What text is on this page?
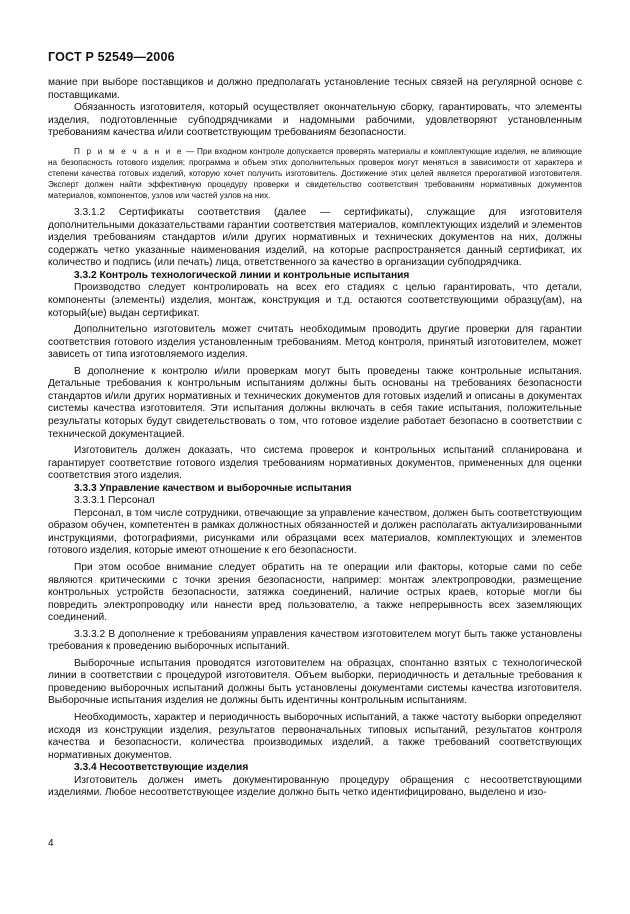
ГОСТ Р 52549—2006

мание при выборе поставщиков и должно предполагать установление тесных связей на регулярной основе с поставщиками.

Обязанность изготовителя, который осуществляет окончательную сборку, гарантировать, что элементы изделия, подготовленные субподрядчиками и надомными рабочими, удовлетворяют установленным требованиям качества и/или соответствующим требованиям безопасности.

П р и м е ч а н и е — При входном контроле допускается проверять материалы и комплектующие изделия, не влияющие на безопасность готового изделия; программа и объем этих дополнительных проверок могут меняться в зависимости от характера и степени качества готовых изделий, которую хочет получить изготовитель. Достижение этих целей является прерогативой изготовителя. Эксперт должен найти эффективную процедуру проверки и свидетельство соответствия требованиям нормативных документов материалов, компонентов, узлов или частей узлов на них.

3.3.1.2 Сертификаты соответствия (далее — сертификаты), служащие для изготовителя дополнительными доказательствами гарантии соответствия материалов, комплектующих изделий и элементов изделия требованиям стандартов и/или других нормативных и технических документов на них, должны содержать четко указанные наименования изделий, на которые распространяется данный сертификат, их количество и подпись (или печать) лица, ответственного за качество в организации субподрядчика.

3.3.2 Контроль технологической линии и контрольные испытания

Производство следует контролировать на всех его стадиях с целью гарантировать, что детали, компоненты (элементы) изделия, монтаж, конструкция и т.д. остаются соответствующими образцу(ам), на который(ые) выдан сертификат.

Дополнительно изготовитель может считать необходимым проводить другие проверки для гарантии соответствия готового изделия установленным требованиям. Метод контроля, принятый изготовителем, может зависеть от типа изготовляемого изделия.

В дополнение к контролю и/или проверкам могут быть проведены также контрольные испытания. Детальные требования к контрольным испытаниям должны быть основаны на требованиях безопасности стандартов и/или других нормативных и технических документов для готовых изделий и описаны в документах системы качества изготовителя. Эти испытания должны включать в себя такие испытания, положительные результаты которых будут свидетельствовать о том, что готовое изделие работает безопасно в соответствии с технической документацией.

Изготовитель должен доказать, что система проверок и контрольных испытаний спланирована и гарантирует соответствие готового изделия требованиям нормативных документов, примененных для оценки соответствия этого изделия.

3.3.3 Управление качеством и выборочные испытания

3.3.3.1 Персонал

Персонал, в том числе сотрудники, отвечающие за управление качеством, должен быть соответствующим образом обучен, компетентен в рамках должностных обязанностей и должен располагать актуализированными инструкциями, фотографиями, рисунками или образцами всех материалов, комплектующих и элементов готового изделия, которые имеют отношение к его безопасности.

При этом особое внимание следует обратить на те операции или факторы, которые сами по себе являются критическими с точки зрения безопасности, например: монтаж электропроводки, размещение контрольных устройств безопасности, затяжка соединений, наличие острых краев, которые могли бы повредить электропроводку или нанести вред пользователю, а также непрерывность всех заземляющих соединений.

3.3.3.2 В дополнение к требованиям управления качеством изготовителем могут быть также установлены требования к проведению выборочных испытаний.

Выборочные испытания проводятся изготовителем на образцах, спонтанно взятых с технологической линии в соответствии с процедурой изготовителя. Объем выборки, периодичность и детальные требования к проведению выборочных испытаний должны быть установлены документами системы качества изготовителя. Выборочные испытания изделия не должны быть идентичны контрольным испытаниям.

Необходимость, характер и периодичность выборочных испытаний, а также частоту выборки определяют исходя из конструкции изделия, результатов первоначальных типовых испытаний, результатов контроля качества и безопасности, количества производимых изделий, а также требований соответствующих нормативных документов.

3.3.4 Несоответствующие изделия

Изготовитель должен иметь документированную процедуру обращения с несоответствующими изделиями. Любое несоответствующее изделие должно быть четко идентифицировано, выделено и изо-

4
